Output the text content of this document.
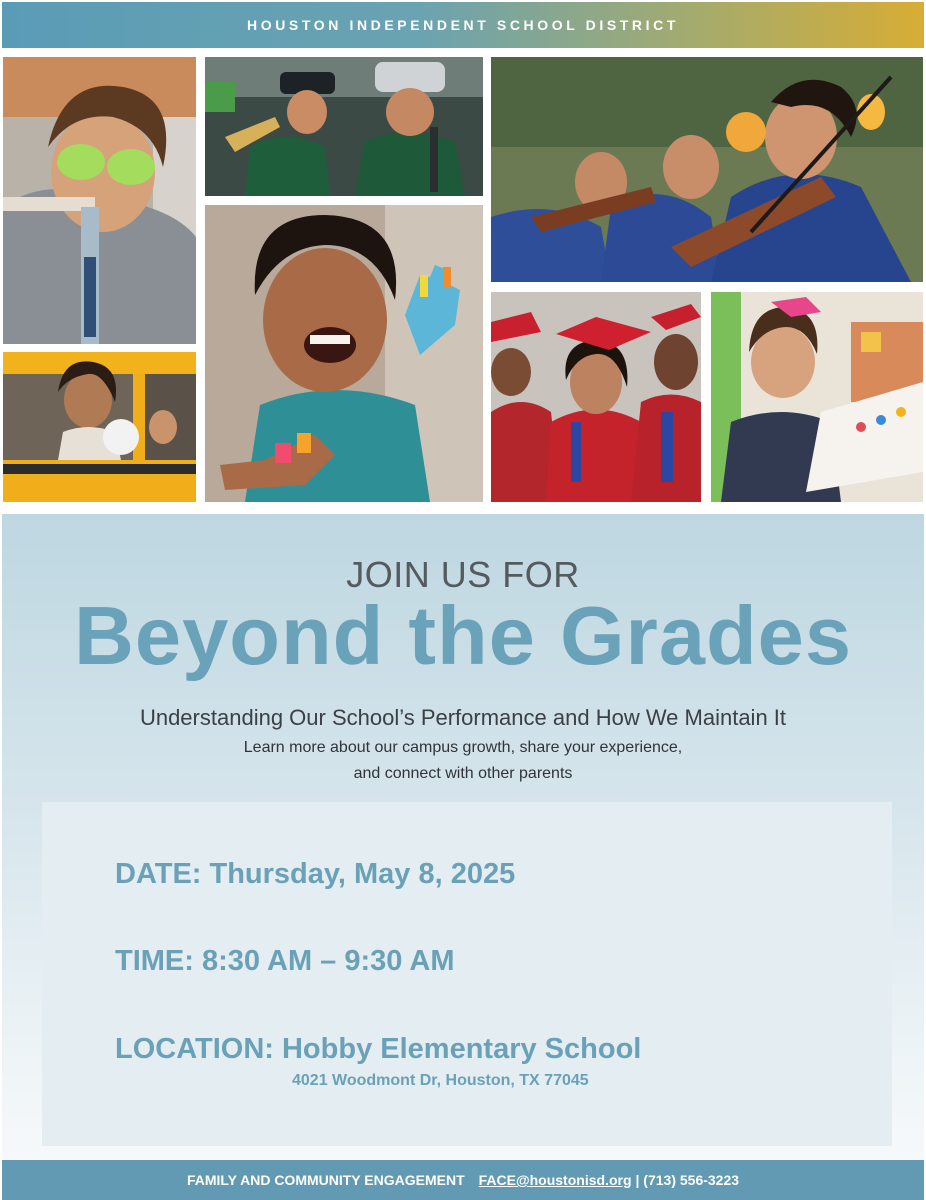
HOUSTON INDEPENDENT SCHOOL DISTRICT
JOIN US FOR
Beyond the Grades
Understanding Our School’s Performance and How We Maintain It
Learn more about our campus growth, share your experience,
and connect with other parents
DATE: Thursday, May 8, 2025
TIME: 8:30 AM – 9:30 AM
LOCATION: Hobby Elementary School
4021 Woodmont Dr, Houston, TX 77045
FAMILY AND COMMUNITY ENGAGEMENT FACE@houstonisd.org | (713) 556-3223
